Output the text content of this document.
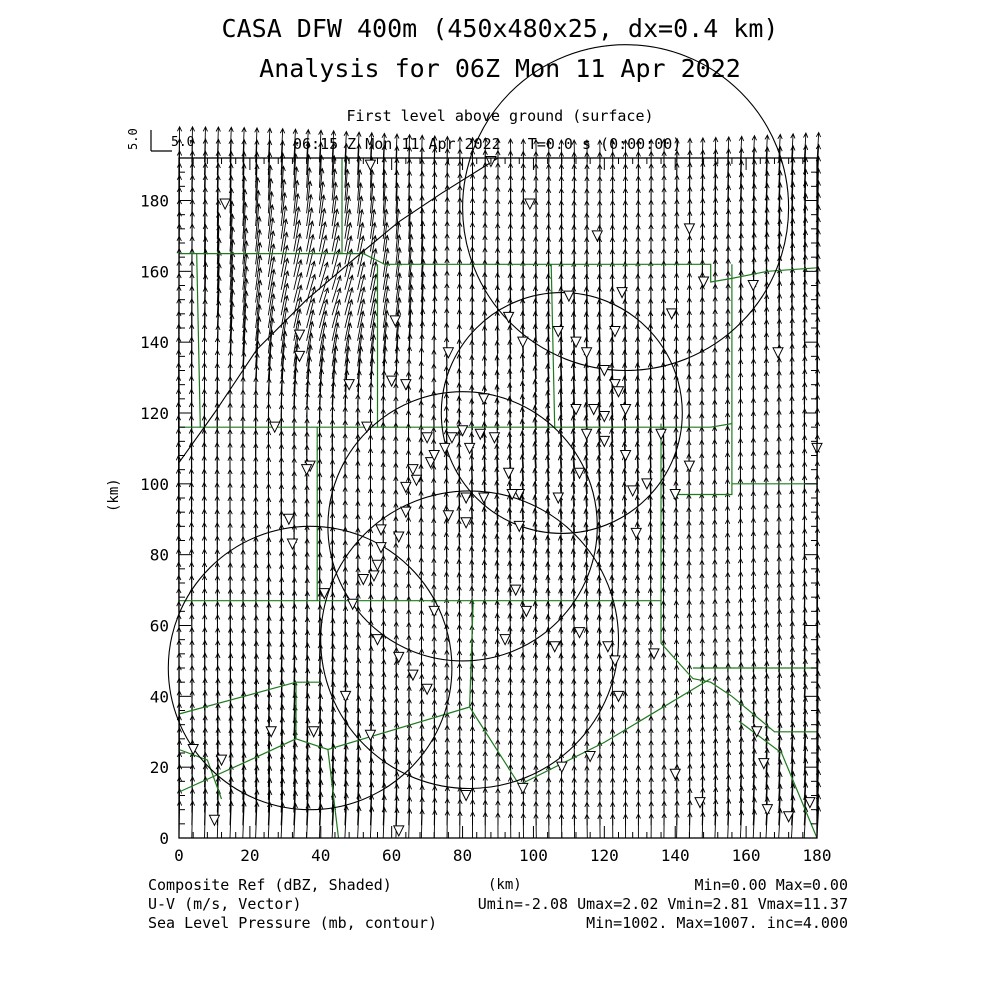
CASA DFW 400m (450x480x25, dx=0.4 km)
Analysis for 06Z Mon 11 Apr 2022
First level above ground (surface)
06:15 Z Mon 11 Apr 2022   T=0.0 s (0:00:00)
5.0 5.0
(km)
(km)
Composite Ref (dBZ, Shaded)
U-V (m/s, Vector)
Sea Level Pressure (mb, contour)
Min=0.00 Max=0.00
Umin=-2.08 Umax=2.02 Vmin=2.81 Vmax=11.37
Min=1002. Max=1007. inc=4.000
0	20	40	60	80	100	120	140	160	180
0
20
40
60
80
100
120
140
160
180
